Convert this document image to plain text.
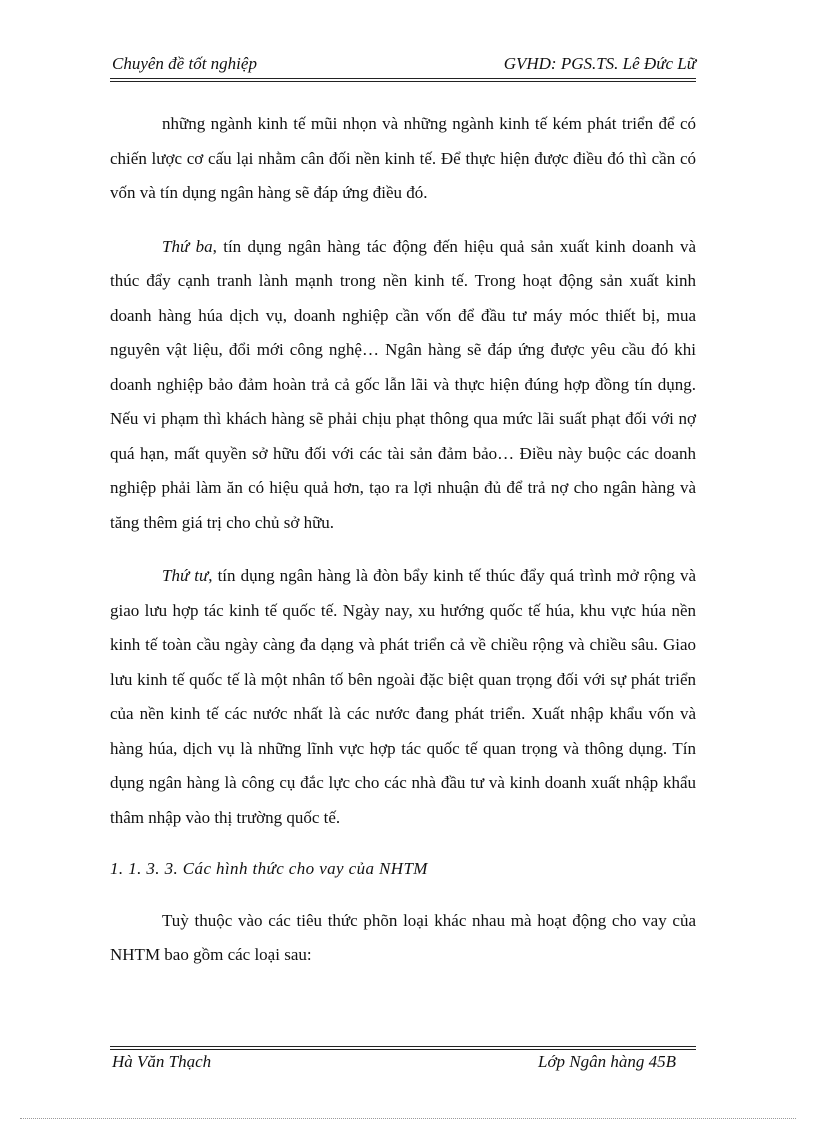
Chuyên đề tốt nghiệp	GVHD: PGS.TS. Lê Đức Lữ

những ngành kinh tế mũi nhọn và những ngành kinh tế kém phát triển để có chiến lược cơ cấu lại nhằm cân đối nền kinh tế. Để thực hiện được điều đó thì cần có vốn và tín dụng ngân hàng sẽ đáp ứng điều đó.

Thứ ba, tín dụng ngân hàng tác động đến hiệu quả sản xuất kinh doanh và thúc đẩy cạnh tranh lành mạnh trong nền kinh tế. Trong hoạt động sản xuất kinh doanh hàng húa dịch vụ, doanh nghiệp cần vốn để đầu tư máy móc thiết bị, mua nguyên vật liệu, đổi mới công nghệ… Ngân hàng sẽ đáp ứng được yêu cầu đó khi doanh nghiệp bảo đảm hoàn trả cả gốc lẫn lãi và thực hiện đúng hợp đồng tín dụng. Nếu vi phạm thì khách hàng sẽ phải chịu phạt thông qua mức lãi suất phạt đối với nợ quá hạn, mất quyền sở hữu đối với các tài sản đảm bảo… Điều này buộc các doanh nghiệp phải làm ăn có hiệu quả hơn, tạo ra lợi nhuận đủ để trả nợ cho ngân hàng và tăng thêm giá trị cho chủ sở hữu.

Thứ tư, tín dụng ngân hàng là đòn bẩy kinh tế thúc đẩy quá trình mở rộng và giao lưu hợp tác kinh tế quốc tế. Ngày nay, xu hướng quốc tế húa, khu vực húa nền kinh tế toàn cầu ngày càng đa dạng và phát triển cả về chiều rộng và chiều sâu. Giao lưu kinh tế quốc tế là một nhân tố bên ngoài đặc biệt quan trọng đối với sự phát triển của nền kinh tế các nước nhất là các nước đang phát triển. Xuất nhập khẩu vốn và hàng húa, dịch vụ là những lĩnh vực hợp tác quốc tế quan trọng và thông dụng. Tín dụng ngân hàng là công cụ đắc lực cho các nhà đầu tư và kinh doanh xuất nhập khẩu thâm nhập vào thị trường quốc tế.

1. 1. 3. 3. Các hình thức cho vay của NHTM

Tuỳ thuộc vào các tiêu thức phõn loại khác nhau mà hoạt động cho vay của NHTM bao gồm các loại sau:

Hà Văn Thạch	Lớp Ngân hàng 45B
